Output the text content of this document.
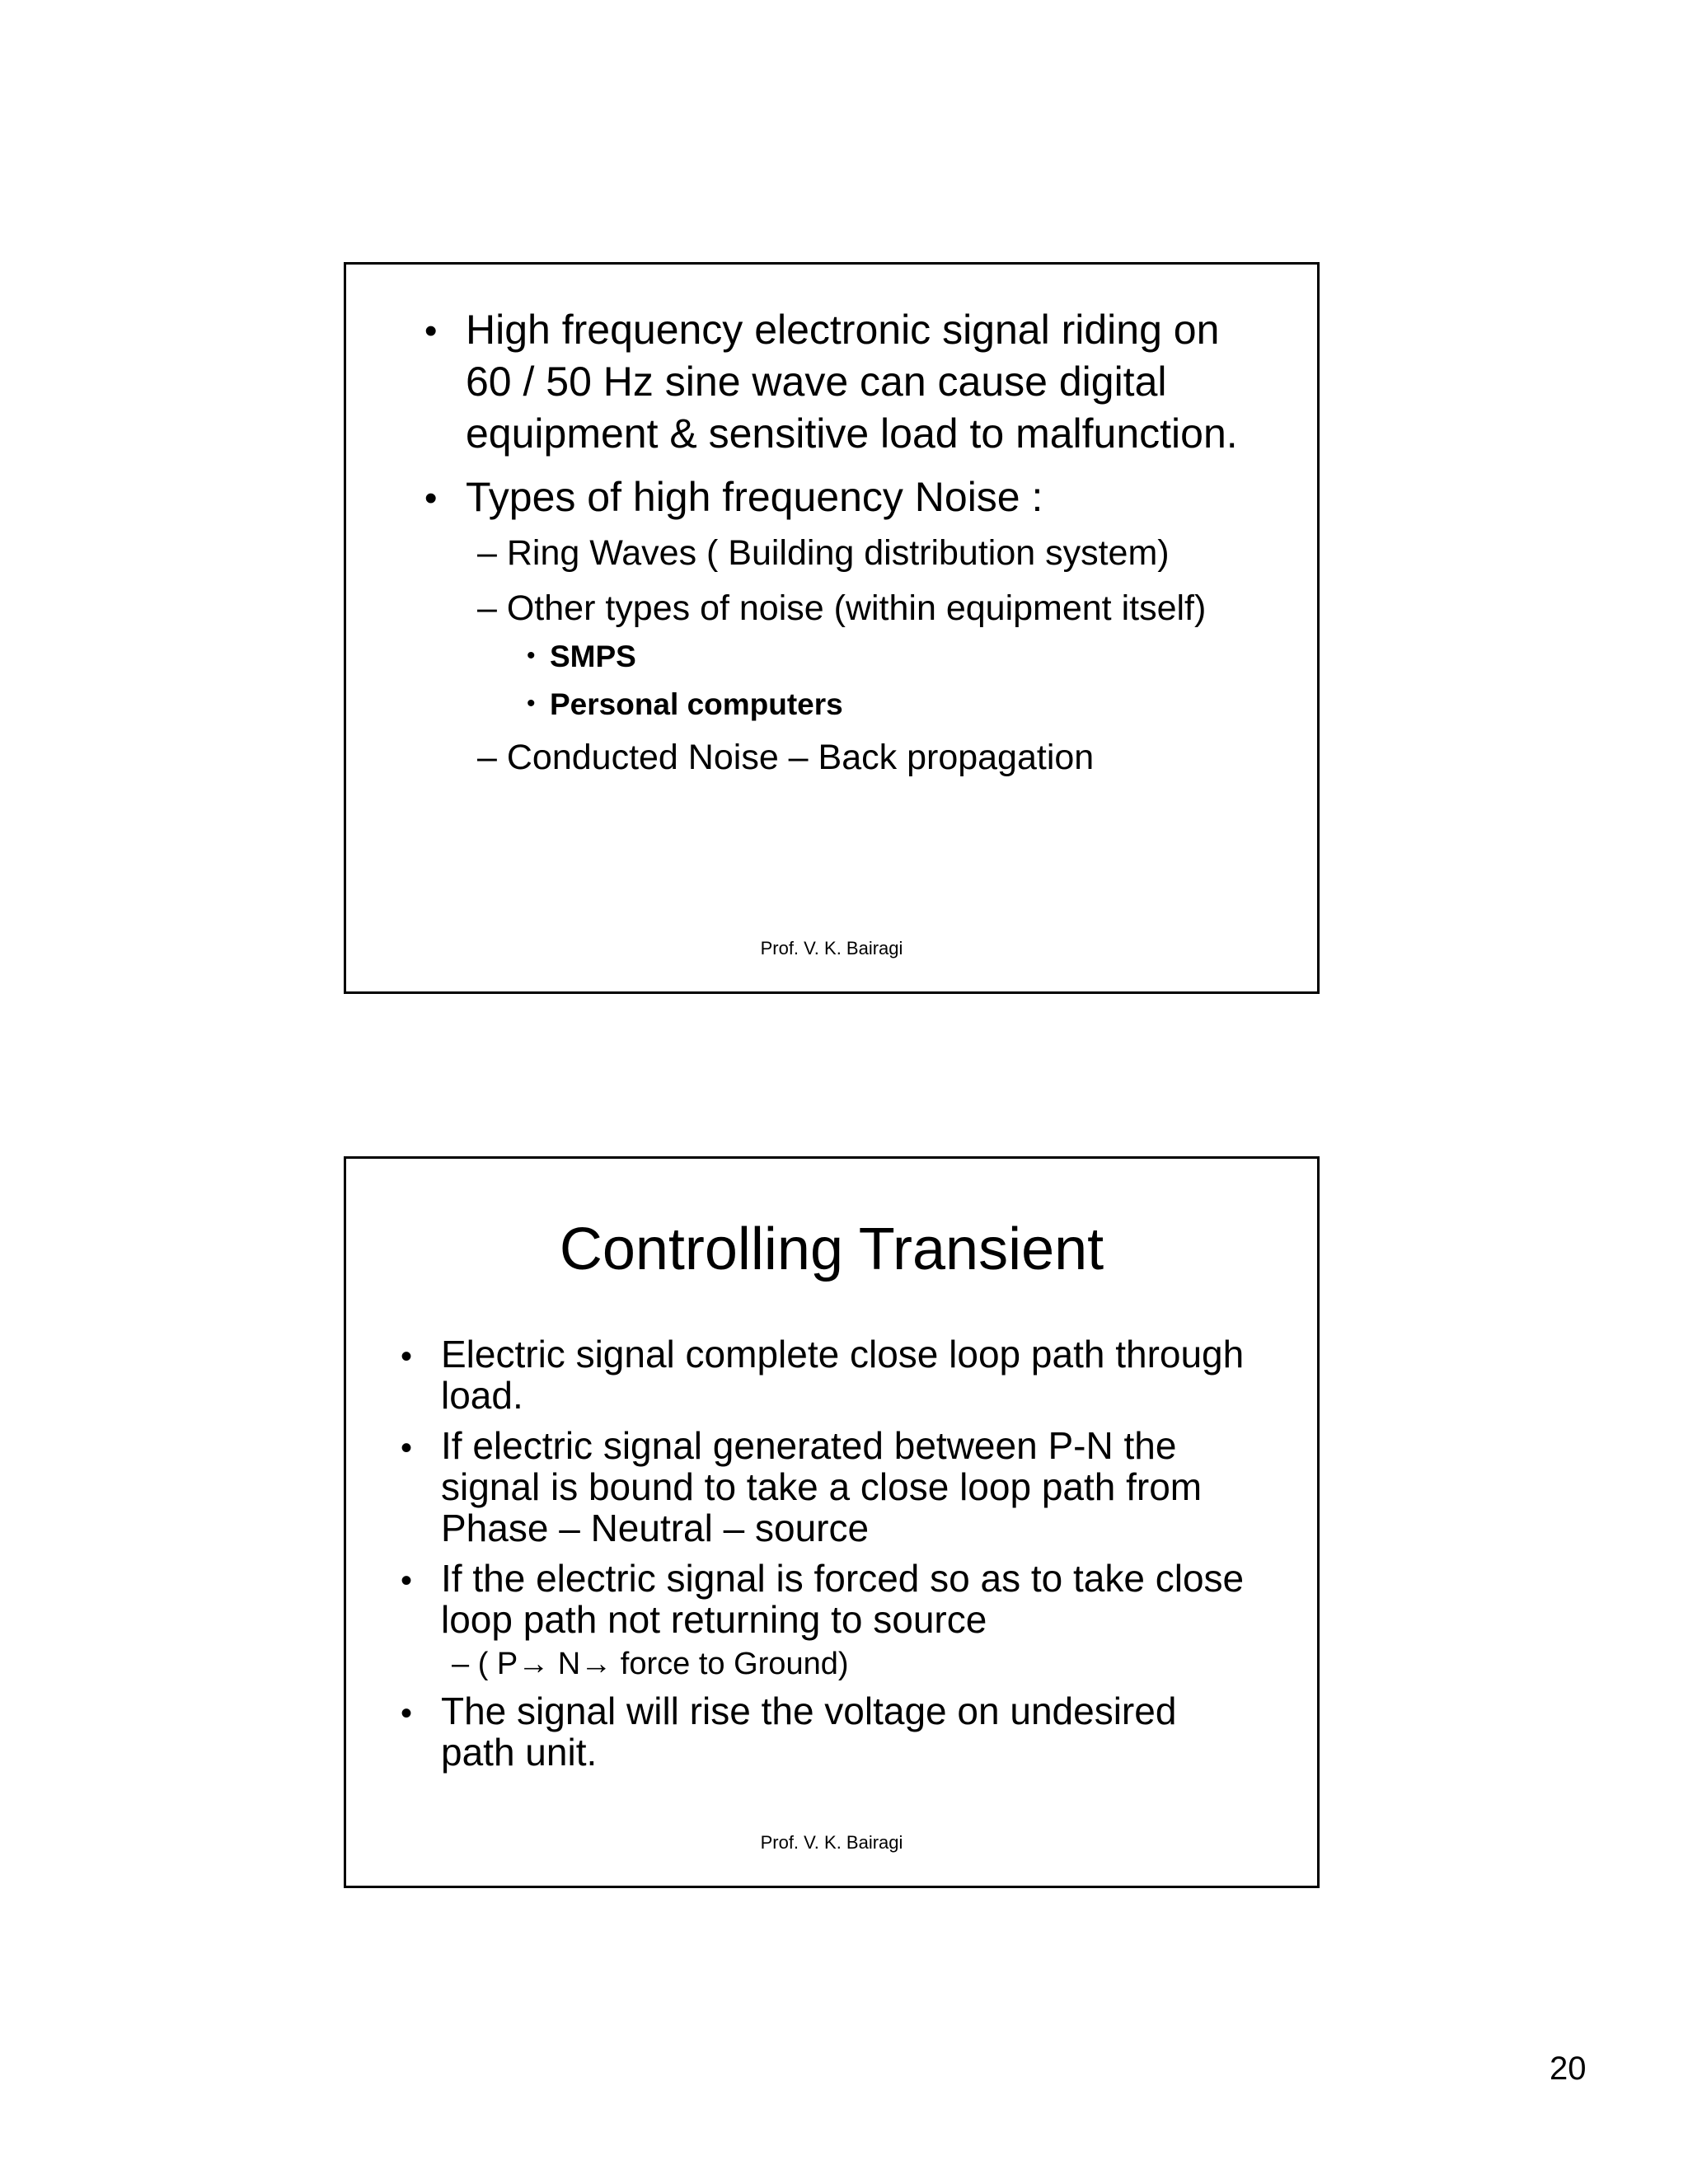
• High frequency electronic signal riding on
60 / 50 Hz sine wave can cause digital
equipment & sensitive load to malfunction.
• Types of high frequency Noise :
– Ring Waves ( Building distribution system)
– Other types of noise (within equipment itself)
• SMPS
• Personal computers
– Conducted Noise – Back propagation
Prof. V. K. Bairagi
Controlling Transient
• Electric signal complete close loop path through
load.
• If electric signal generated between P-N the
signal is bound to take a close loop path from
Phase – Neutral – source
• If the electric signal is forced so as to take close
loop path not returning to source
– ( P→ N→ force to Ground)
• The signal will rise the voltage on undesired
path unit.
Prof. V. K. Bairagi
20
